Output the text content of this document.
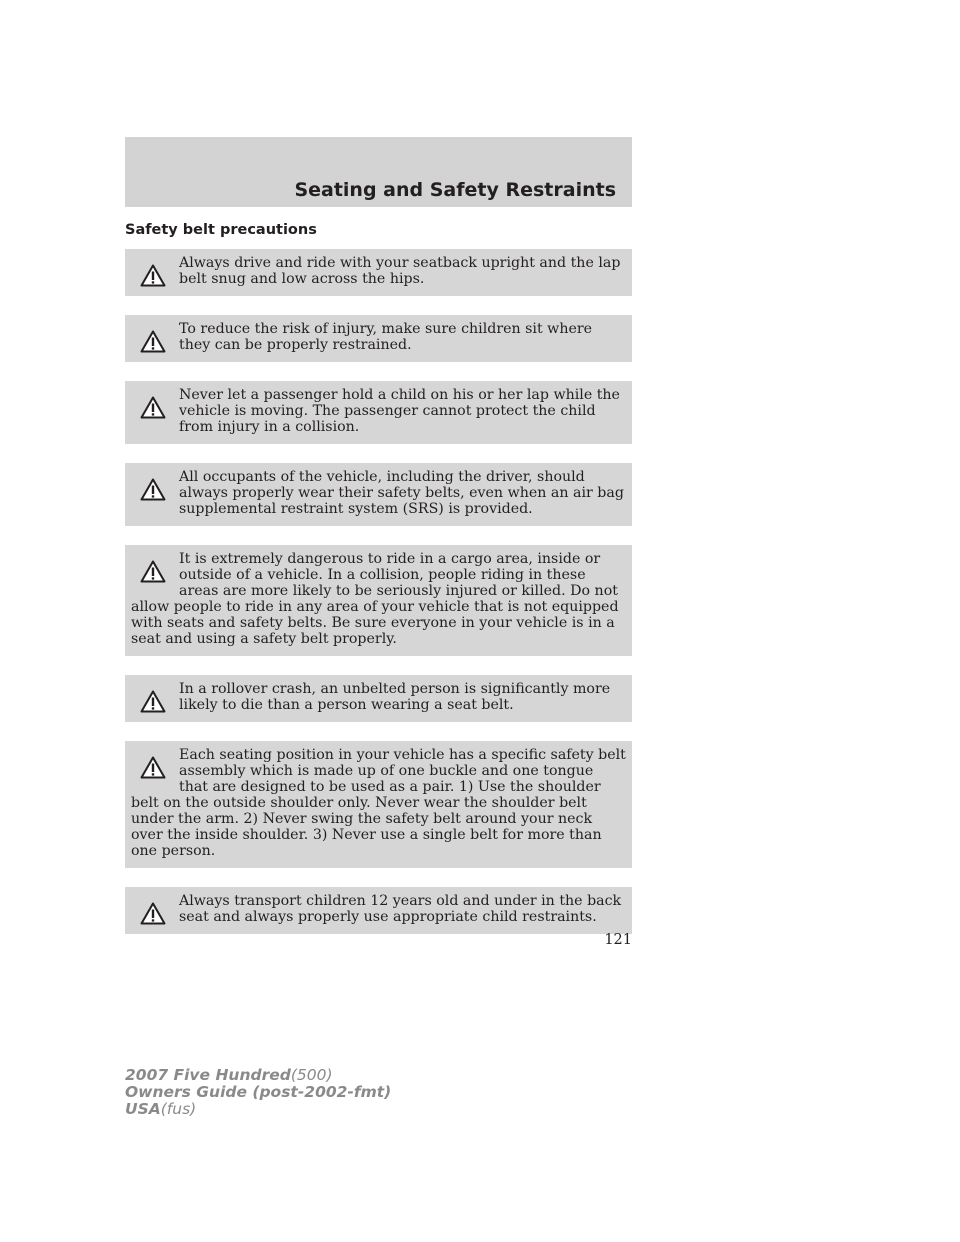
Seating and Safety Restraints
Safety belt precautions
Always drive and ride with your seatback upright and the lap belt snug and low across the hips.
To reduce the risk of injury, make sure children sit where they can be properly restrained.
Never let a passenger hold a child on his or her lap while the vehicle is moving. The passenger cannot protect the child from injury in a collision.
All occupants of the vehicle, including the driver, should always properly wear their safety belts, even when an air bag supplemental restraint system (SRS) is provided.
It is extremely dangerous to ride in a cargo area, inside or outside of a vehicle. In a collision, people riding in these areas are more likely to be seriously injured or killed. Do not allow people to ride in any area of your vehicle that is not equipped with seats and safety belts. Be sure everyone in your vehicle is in a seat and using a safety belt properly.
In a rollover crash, an unbelted person is significantly more likely to die than a person wearing a seat belt.
Each seating position in your vehicle has a specific safety belt assembly which is made up of one buckle and one tongue that are designed to be used as a pair. 1) Use the shoulder belt on the outside shoulder only. Never wear the shoulder belt under the arm. 2) Never swing the safety belt around your neck over the inside shoulder. 3) Never use a single belt for more than one person.
Always transport children 12 years old and under in the back seat and always properly use appropriate child restraints.
121
2007 Five Hundred(500)
Owners Guide (post-2002-fmt)
USA(fus)
